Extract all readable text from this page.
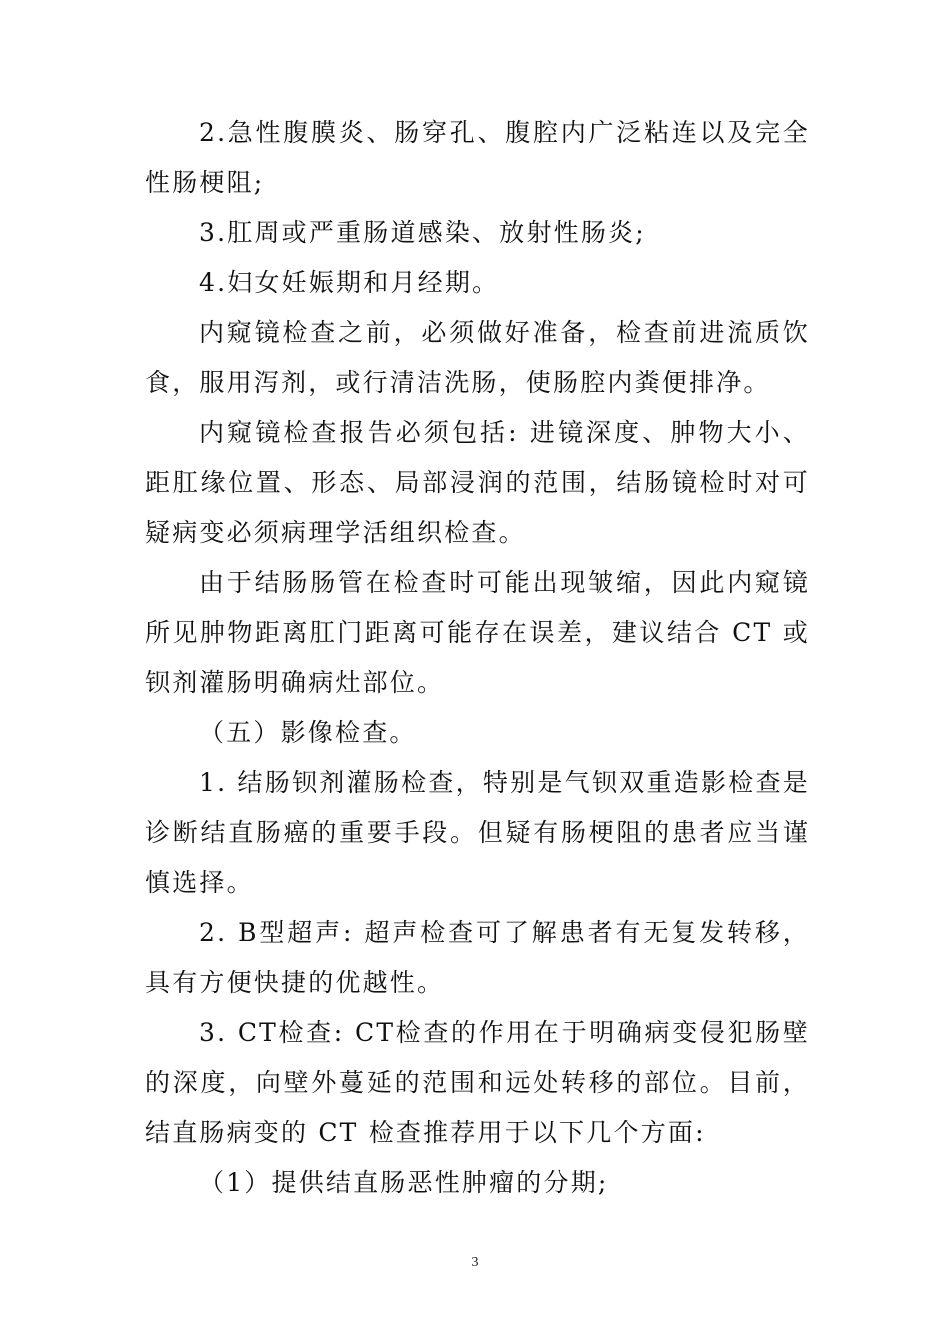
2.急性腹膜炎、肠穿孔、腹腔内广泛粘连以及完全性肠梗阻;

3.肛周或严重肠道感染、放射性肠炎;

4.妇女妊娠期和月经期。

内窥镜检查之前，必须做好准备，检查前进流质饮食，服用泻剂，或行清洁洗肠，使肠腔内粪便排净。

内窥镜检查报告必须包括: 进镜深度、肿物大小、距肛缘位置、形态、局部浸润的范围，结肠镜检时对可疑病变必须病理学活组织检查。

由于结肠肠管在检查时可能出现皱缩，因此内窥镜所见肿物距离肛门距离可能存在误差，建议结合 CT 或钡剂灌肠明确病灶部位。

（五）影像检查。

1. 结肠钡剂灌肠检查，特别是气钡双重造影检查是诊断结直肠癌的重要手段。但疑有肠梗阻的患者应当谨慎选择。

2. B型超声: 超声检查可了解患者有无复发转移，具有方便快捷的优越性。

3. CT检查: CT检查的作用在于明确病变侵犯肠壁的深度，向壁外蔓延的范围和远处转移的部位。目前，结直肠病变的 CT 检查推荐用于以下几个方面:

（1）提供结直肠恶性肿瘤的分期;

3
